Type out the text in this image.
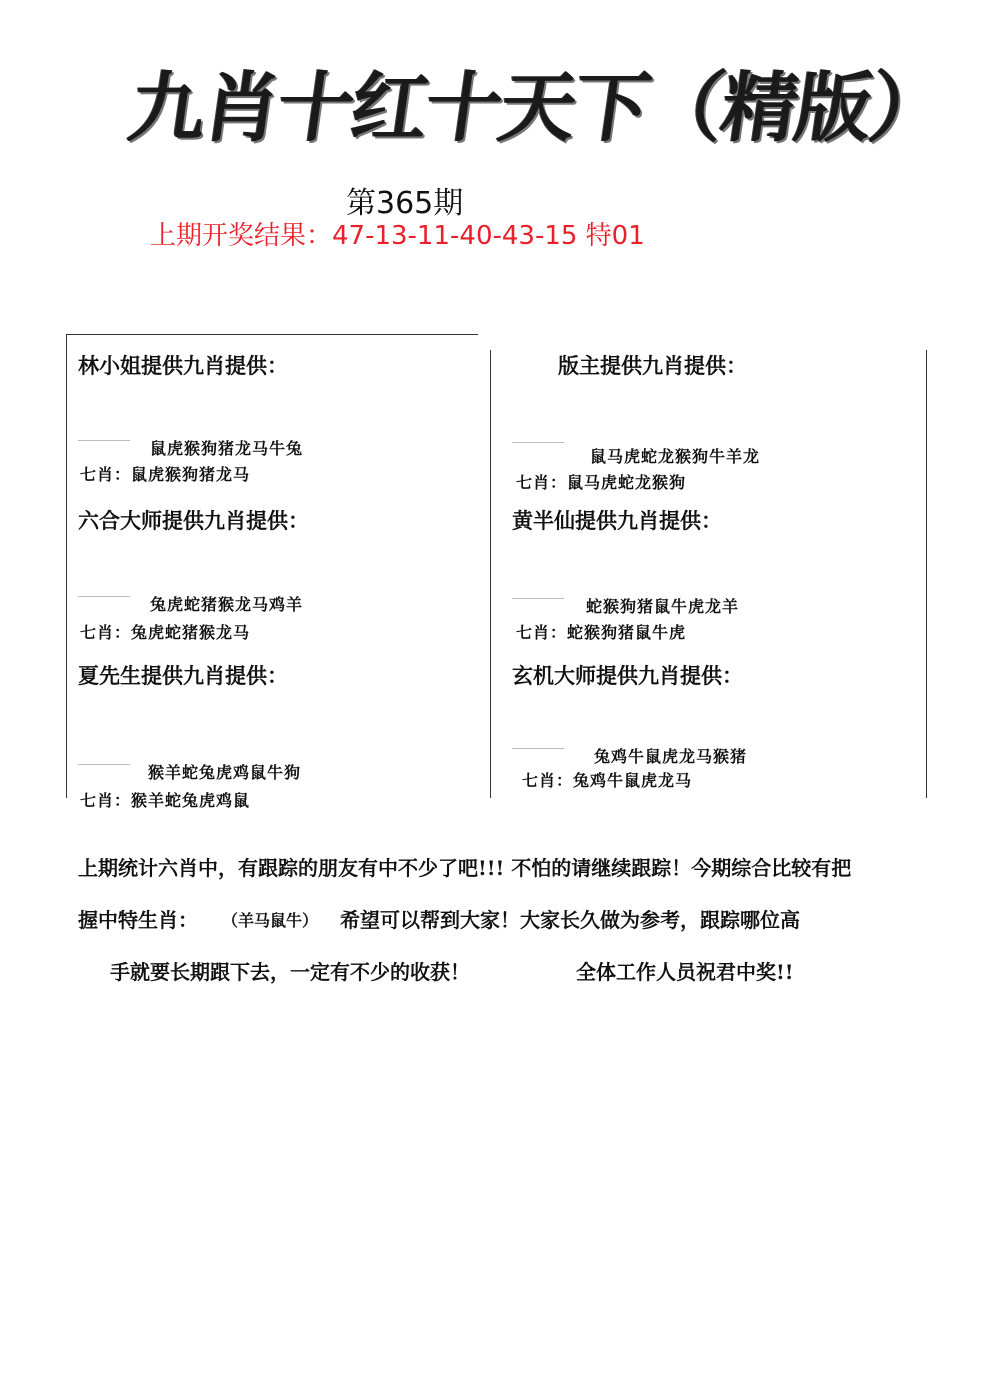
九肖十红十天下（精版）
第365期
上期开奖结果：47-13-11-40-43-15 特01
林小姐提供九肖提供：
鼠虎猴狗猪龙马牛兔
七肖：鼠虎猴狗猪龙马
版主提供九肖提供：
鼠马虎蛇龙猴狗牛羊龙
七肖：鼠马虎蛇龙猴狗
六合大师提供九肖提供：
兔虎蛇猪猴龙马鸡羊
七肖：兔虎蛇猪猴龙马
黄半仙提供九肖提供：
蛇猴狗猪鼠牛虎龙羊
七肖：蛇猴狗猪鼠牛虎
夏先生提供九肖提供：
猴羊蛇兔虎鸡鼠牛狗
七肖：猴羊蛇兔虎鸡鼠
玄机大师提供九肖提供：
兔鸡牛鼠虎龙马猴猪
七肖：兔鸡牛鼠虎龙马
上期统计六肖中，有跟踪的朋友有中不少了吧!!! 不怕的请继续跟踪！今期综合比较有把
握中特生肖： （羊马鼠牛） 希望可以帮到大家！大家长久做为参考，跟踪哪位高
手就要长期跟下去，一定有不少的收获！	全体工作人员祝君中奖!!
